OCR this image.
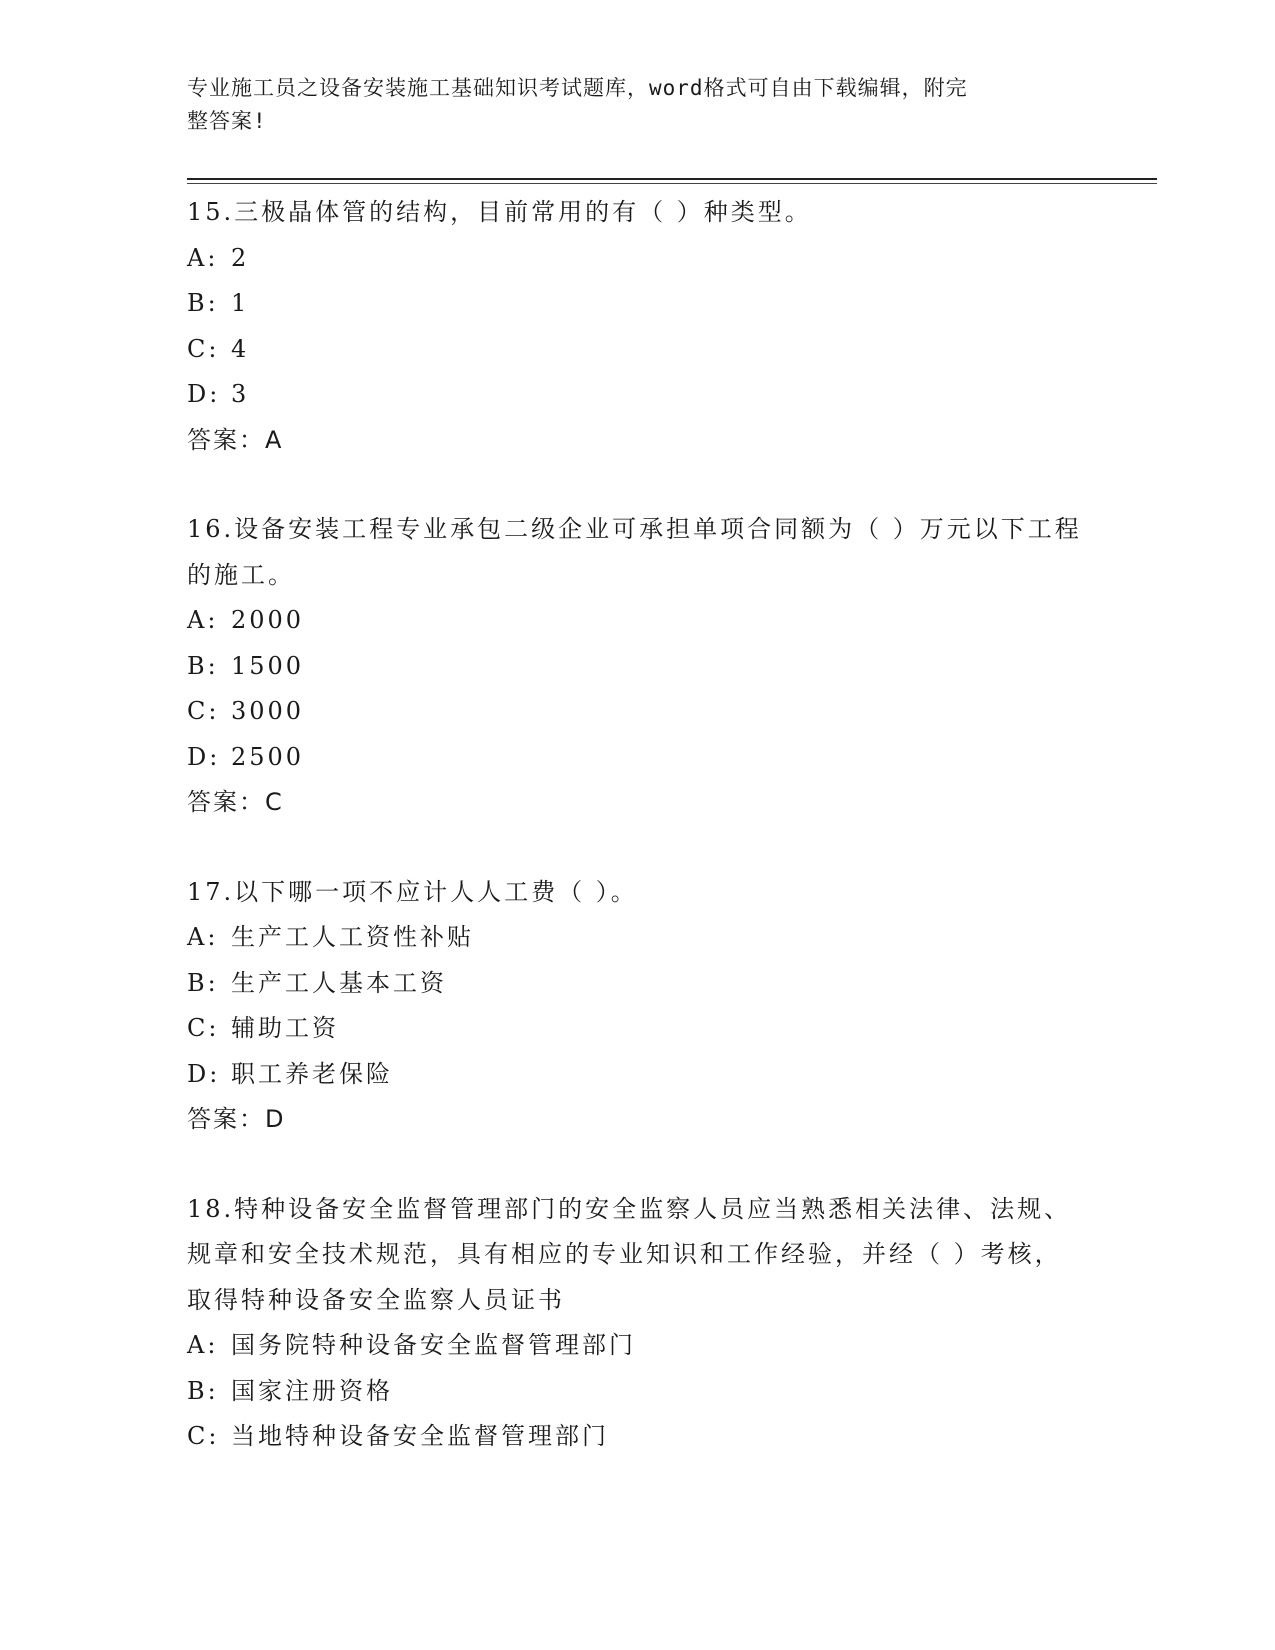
专业施工员之设备安装施工基础知识考试题库，word格式可自由下载编辑，附完
整答案!

15.三极晶体管的结构，目前常用的有（ ）种类型。

A: 2

B: 1

C: 4

D: 3

答案：A

16.设备安装工程专业承包二级企业可承担单项合同额为（ ）万元以下工程的施工。

A: 2000

B: 1500

C: 3000

D: 2500

答案：C

17.以下哪一项不应计人人工费（ ）。

A: 生产工人工资性补贴

B: 生产工人基本工资

C: 辅助工资

D: 职工养老保险

答案：D

18.特种设备安全监督管理部门的安全监察人员应当熟悉相关法律、法规、规章和安全技术规范，具有相应的专业知识和工作经验，并经（ ）考核，取得特种设备安全监察人员证书

A: 国务院特种设备安全监督管理部门

B: 国家注册资格

C: 当地特种设备安全监督管理部门
